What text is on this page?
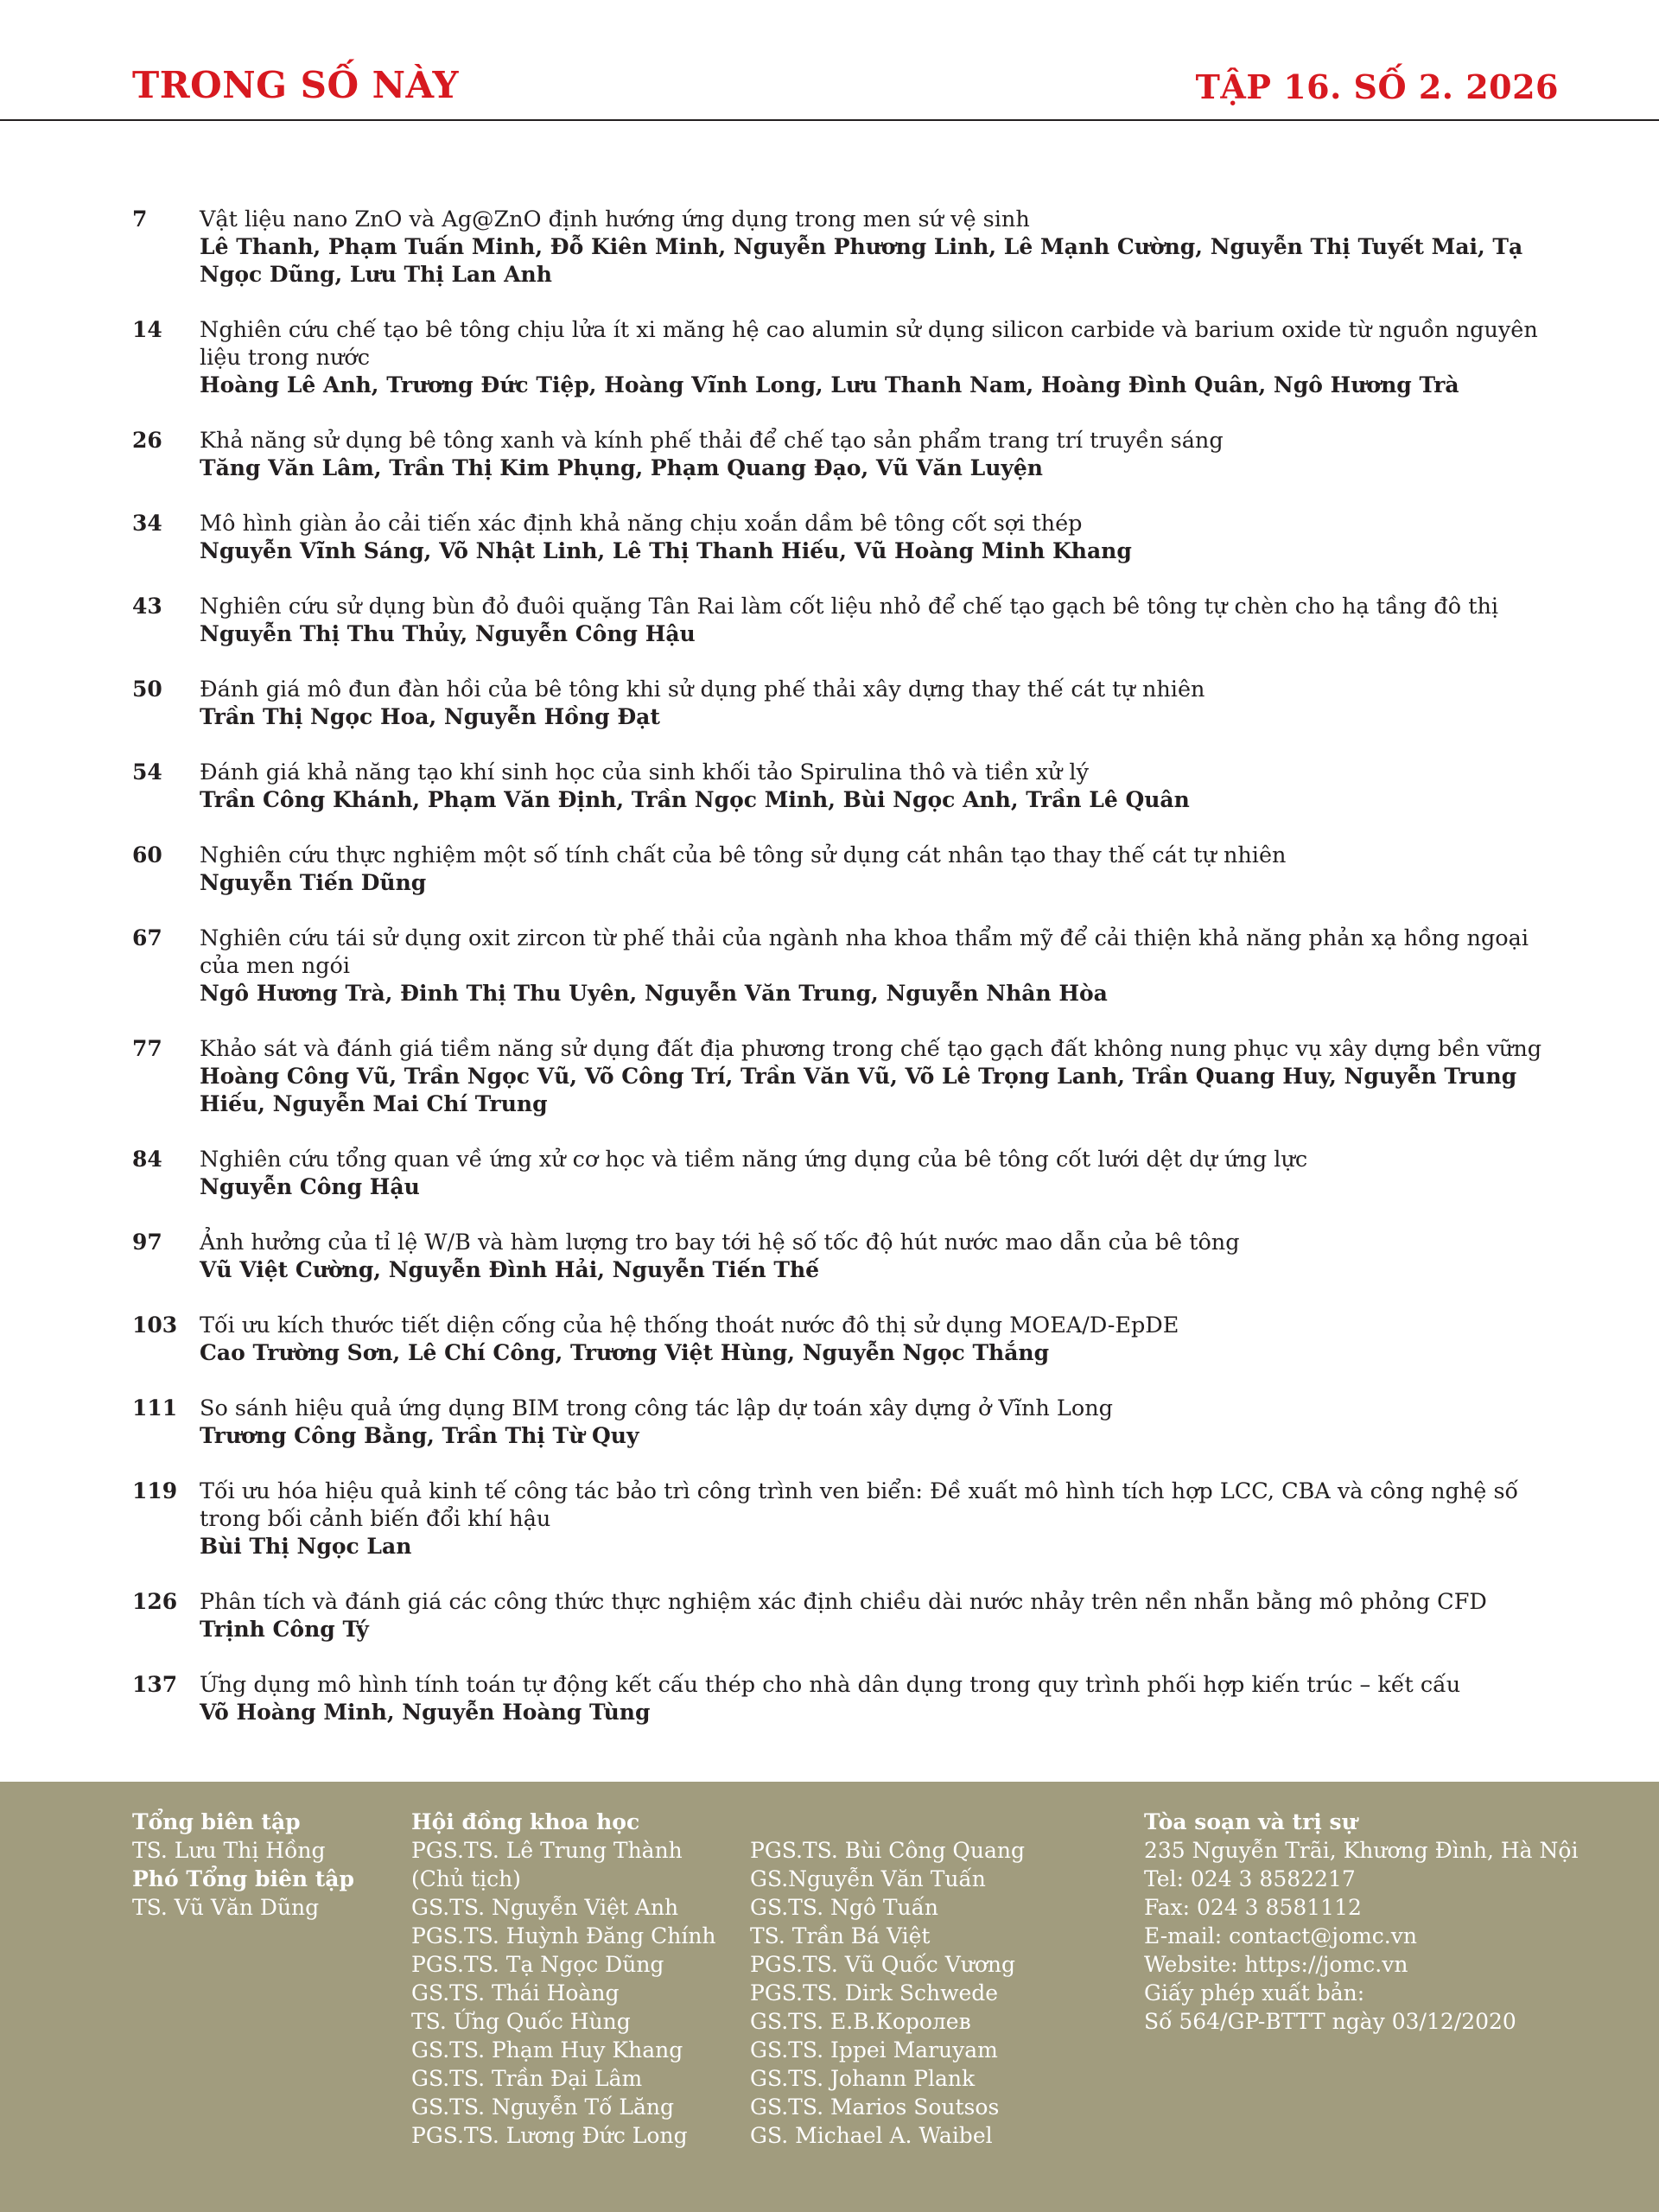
TRONG SỐ NÀY	TẬP 16. SỐ 2. 2026
7 Vật liệu nano ZnO và Ag@ZnO định hướng ứng dụng trong men sứ vệ sinh
Lê Thanh, Phạm Tuấn Minh, Đỗ Kiên Minh, Nguyễn Phương Linh, Lê Mạnh Cường, Nguyễn Thị Tuyết Mai, Tạ Ngọc Dũng, Lưu Thị Lan Anh
14 Nghiên cứu chế tạo bê tông chịu lửa ít xi măng hệ cao alumin sử dụng silicon carbide và barium oxide từ nguồn nguyên liệu trong nước
Hoàng Lê Anh, Trương Đức Tiệp, Hoàng Vĩnh Long, Lưu Thanh Nam, Hoàng Đình Quân, Ngô Hương Trà
26 Khả năng sử dụng bê tông xanh và kính phế thải để chế tạo sản phẩm trang trí truyền sáng
Tăng Văn Lâm, Trần Thị Kim Phụng, Phạm Quang Đạo, Vũ Văn Luyện
34 Mô hình giàn ảo cải tiến xác định khả năng chịu xoắn dầm bê tông cốt sợi thép
Nguyễn Vĩnh Sáng, Võ Nhật Linh, Lê Thị Thanh Hiếu, Vũ Hoàng Minh Khang
43 Nghiên cứu sử dụng bùn đỏ đuôi quặng Tân Rai làm cốt liệu nhỏ để chế tạo gạch bê tông tự chèn cho hạ tầng đô thị
Nguyễn Thị Thu Thủy, Nguyễn Công Hậu
50 Đánh giá mô đun đàn hồi của bê tông khi sử dụng phế thải xây dựng thay thế cát tự nhiên
Trần Thị Ngọc Hoa, Nguyễn Hồng Đạt
54 Đánh giá khả năng tạo khí sinh học của sinh khối tảo Spirulina thô và tiền xử lý
Trần Công Khánh, Phạm Văn Định, Trần Ngọc Minh, Bùi Ngọc Anh, Trần Lê Quân
60 Nghiên cứu thực nghiệm một số tính chất của bê tông sử dụng cát nhân tạo thay thế cát tự nhiên
Nguyễn Tiến Dũng
67 Nghiên cứu tái sử dụng oxit zircon từ phế thải của ngành nha khoa thẩm mỹ để cải thiện khả năng phản xạ hồng ngoại của men ngói
Ngô Hương Trà, Đinh Thị Thu Uyên, Nguyễn Văn Trung, Nguyễn Nhân Hòa
77 Khảo sát và đánh giá tiềm năng sử dụng đất địa phương trong chế tạo gạch đất không nung phục vụ xây dựng bền vững
Hoàng Công Vũ, Trần Ngọc Vũ, Võ Công Trí, Trần Văn Vũ, Võ Lê Trọng Lanh, Trần Quang Huy, Nguyễn Trung Hiếu, Nguyễn Mai Chí Trung
84 Nghiên cứu tổng quan về ứng xử cơ học và tiềm năng ứng dụng của bê tông cốt lưới dệt dự ứng lực
Nguyễn Công Hậu
97 Ảnh hưởng của tỉ lệ W/B và hàm lượng tro bay tới hệ số tốc độ hút nước mao dẫn của bê tông
Vũ Việt Cường, Nguyễn Đình Hải, Nguyễn Tiến Thế
103 Tối ưu kích thước tiết diện cống của hệ thống thoát nước đô thị sử dụng MOEA/D-EpDE
Cao Trường Sơn, Lê Chí Công, Trương Việt Hùng, Nguyễn Ngọc Thắng
111 So sánh hiệu quả ứng dụng BIM trong công tác lập dự toán xây dựng ở Vĩnh Long
Trương Công Bằng, Trần Thị Từ Quy
119 Tối ưu hóa hiệu quả kinh tế công tác bảo trì công trình ven biển: Đề xuất mô hình tích hợp LCC, CBA và công nghệ số trong bối cảnh biến đổi khí hậu
Bùi Thị Ngọc Lan
126 Phân tích và đánh giá các công thức thực nghiệm xác định chiều dài nước nhảy trên nền nhẵn bằng mô phỏng CFD
Trịnh Công Tý
137 Ứng dụng mô hình tính toán tự động kết cấu thép cho nhà dân dụng trong quy trình phối hợp kiến trúc – kết cấu
Võ Hoàng Minh, Nguyễn Hoàng Tùng
Tổng biên tập
TS. Lưu Thị Hồng
Phó Tổng biên tập
TS. Vũ Văn Dũng
Hội đồng khoa học
PGS.TS. Lê Trung Thành
(Chủ tịch)
GS.TS. Nguyễn Việt Anh
PGS.TS. Huỳnh Đăng Chính
PGS.TS. Tạ Ngọc Dũng
GS.TS. Thái Hoàng
TS. Ứng Quốc Hùng
GS.TS. Phạm Huy Khang
GS.TS. Trần Đại Lâm
GS.TS. Nguyễn Tố Lăng
PGS.TS. Lương Đức Long

PGS.TS. Bùi Công Quang
GS.Nguyễn Văn Tuấn
GS.TS. Ngô Tuấn
TS. Trần Bá Việt
PGS.TS. Vũ Quốc Vương
PGS.TS. Dirk Schwede
GS.TS. E.B.Королев
GS.TS. Ippei Maruyam
GS.TS. Johann Plank
GS.TS. Marios Soutsos
GS. Michael A. Waibel
Tòa soạn và trị sự
235 Nguyễn Trãi, Khương Đình, Hà Nội
Tel: 024 3 8582217
Fax: 024 3 8581112
E-mail: contact@jomc.vn
Website: https://jomc.vn
Giấy phép xuất bản:
Số 564/GP-BTTT ngày 03/12/2020
